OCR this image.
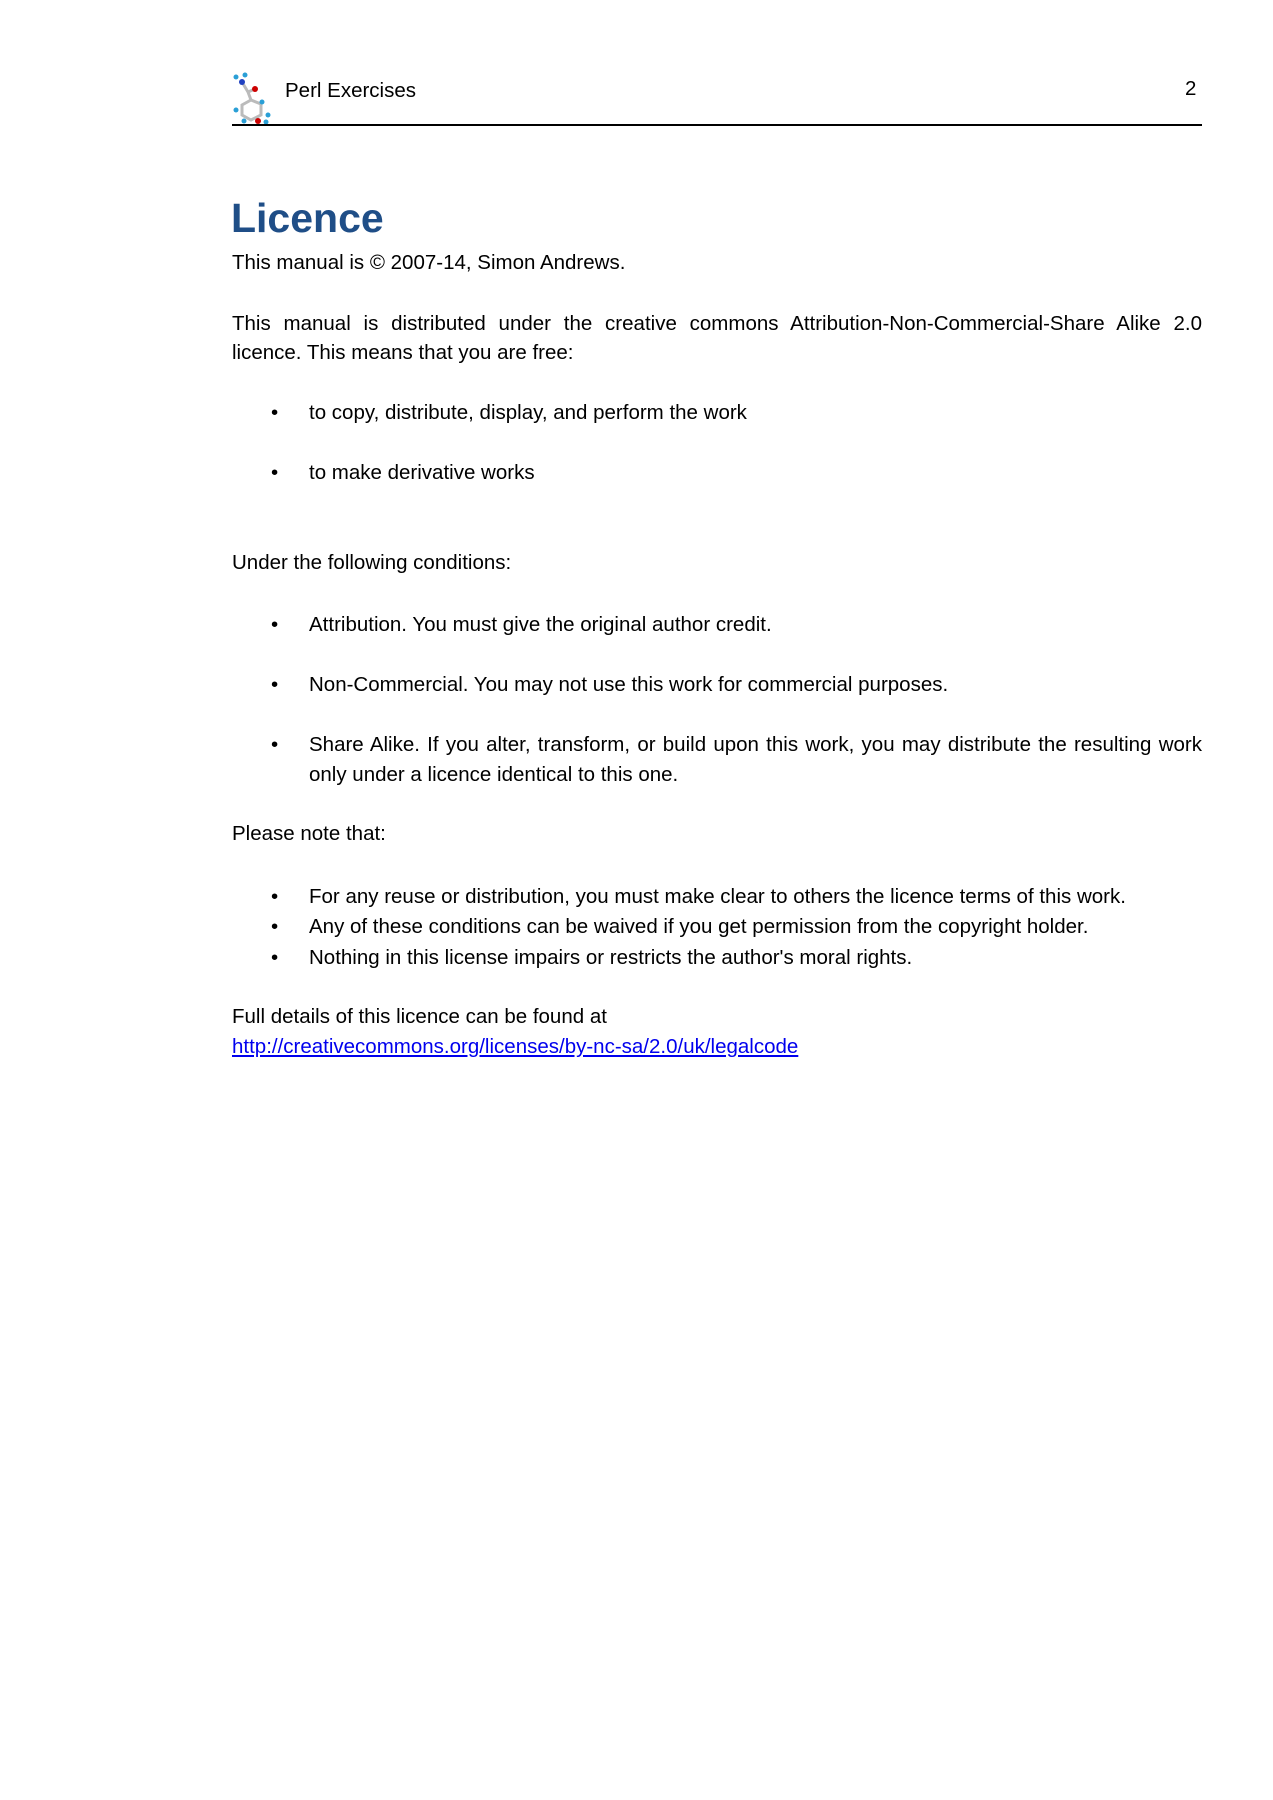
Perl Exercises	2
Licence
This manual is © 2007-14, Simon Andrews.
This manual is distributed under the creative commons Attribution-Non-Commercial-Share Alike 2.0 licence. This means that you are free:
• to copy, distribute, display, and perform the work
• to make derivative works
Under the following conditions:
• Attribution. You must give the original author credit.
• Non-Commercial. You may not use this work for commercial purposes.
• Share Alike. If you alter, transform, or build upon this work, you may distribute the resulting work only under a licence identical to this one.
Please note that:
• For any reuse or distribution, you must make clear to others the licence terms of this work.
• Any of these conditions can be waived if you get permission from the copyright holder.
• Nothing in this license impairs or restricts the author's moral rights.
Full details of this licence can be found at
http://creativecommons.org/licenses/by-nc-sa/2.0/uk/legalcode
